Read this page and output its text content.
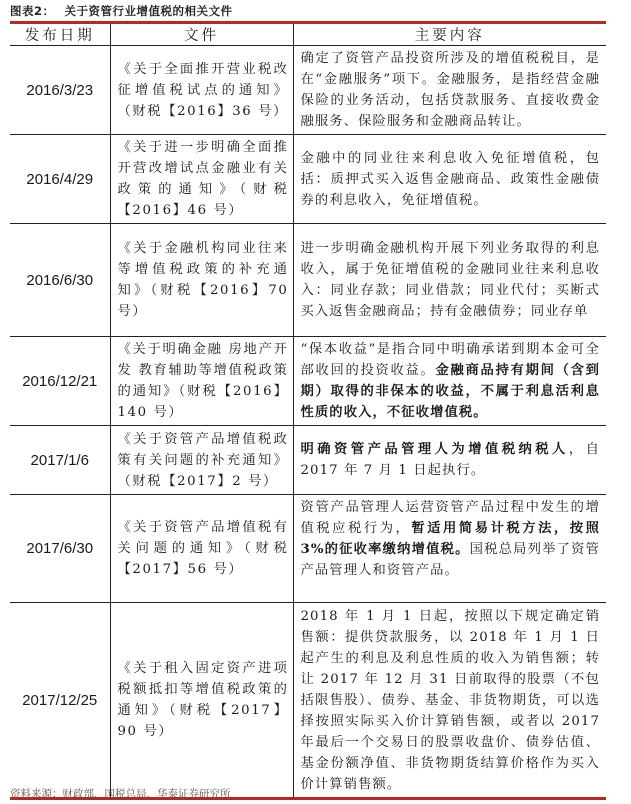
图表2： 关于资管行业增值税的相关文件
发布日期	文件	主要内容
2016/3/23	《关于全面推开营业税改征增值税试点的通知》（财税【2016】36 号）	确定了资管产品投资所涉及的增值税税目，是在“金融服务”项下。金融服务，是指经营金融保险的业务活动，包括贷款服务、直接收费金融服务、保险服务和金融商品转让。
2016/4/29	《关于进一步明确全面推开营改增试点金融业有关政策的通知》（财税【2016】46 号）	金融中的同业往来利息收入免征增值税，包括：质押式买入返售金融商品、政策性金融债券的利息收入，免征增值税。
2016/6/30	《关于金融机构同业往来等增值税政策的补充通知》（财税【2016】70 号）	进一步明确金融机构开展下列业务取得的利息收入，属于免征增值税的金融同业往来利息收入：同业存款；同业借款；同业代付；买断式买入返售金融商品；持有金融债券；同业存单
2016/12/21	《关于明确金融 房地产开发 教育辅助等增值税政策的通知》（财税【2016】140 号）	“保本收益”是指合同中明确承诺到期本金可全部收回的投资收益。金融商品持有期间（含到期）取得的非保本的收益，不属于利息活利息性质的收入，不征收增值税。
2017/1/6	《关于资管产品增值税政策有关问题的补充通知》（财税【2017】2 号）	明确资管产品管理人为增值税纳税人，自 2017 年 7 月 1 日起执行。
2017/6/30	《关于资管产品增值税有关问题的通知》（财税【2017】56 号）	资管产品管理人运营资管产品过程中发生的增值税应税行为，暂适用简易计税方法，按照 3%的征收率缴纳增值税。国税总局列举了资管产品管理人和资管产品。
2017/12/25	《关于租入固定资产进项税额抵扣等增值税政策的通知》（财税【2017】90 号）	2018 年 1 月 1 日起，按照以下规定确定销售额：提供贷款服务，以 2018 年 1 月 1 日起产生的利息及利息性质的收入为销售额；转让 2017 年 12 月 31 日前取得的股票（不包括限售股）、债券、基金、非货物期货，可以选择按照实际买入价计算销售额，或者以 2017 年最后一个交易日的股票收盘价、债券估值、基金份额净值、非货物期货结算价格作为买入价计算销售额。
资料来源：财政部，国税总局，华泰证券研究所
